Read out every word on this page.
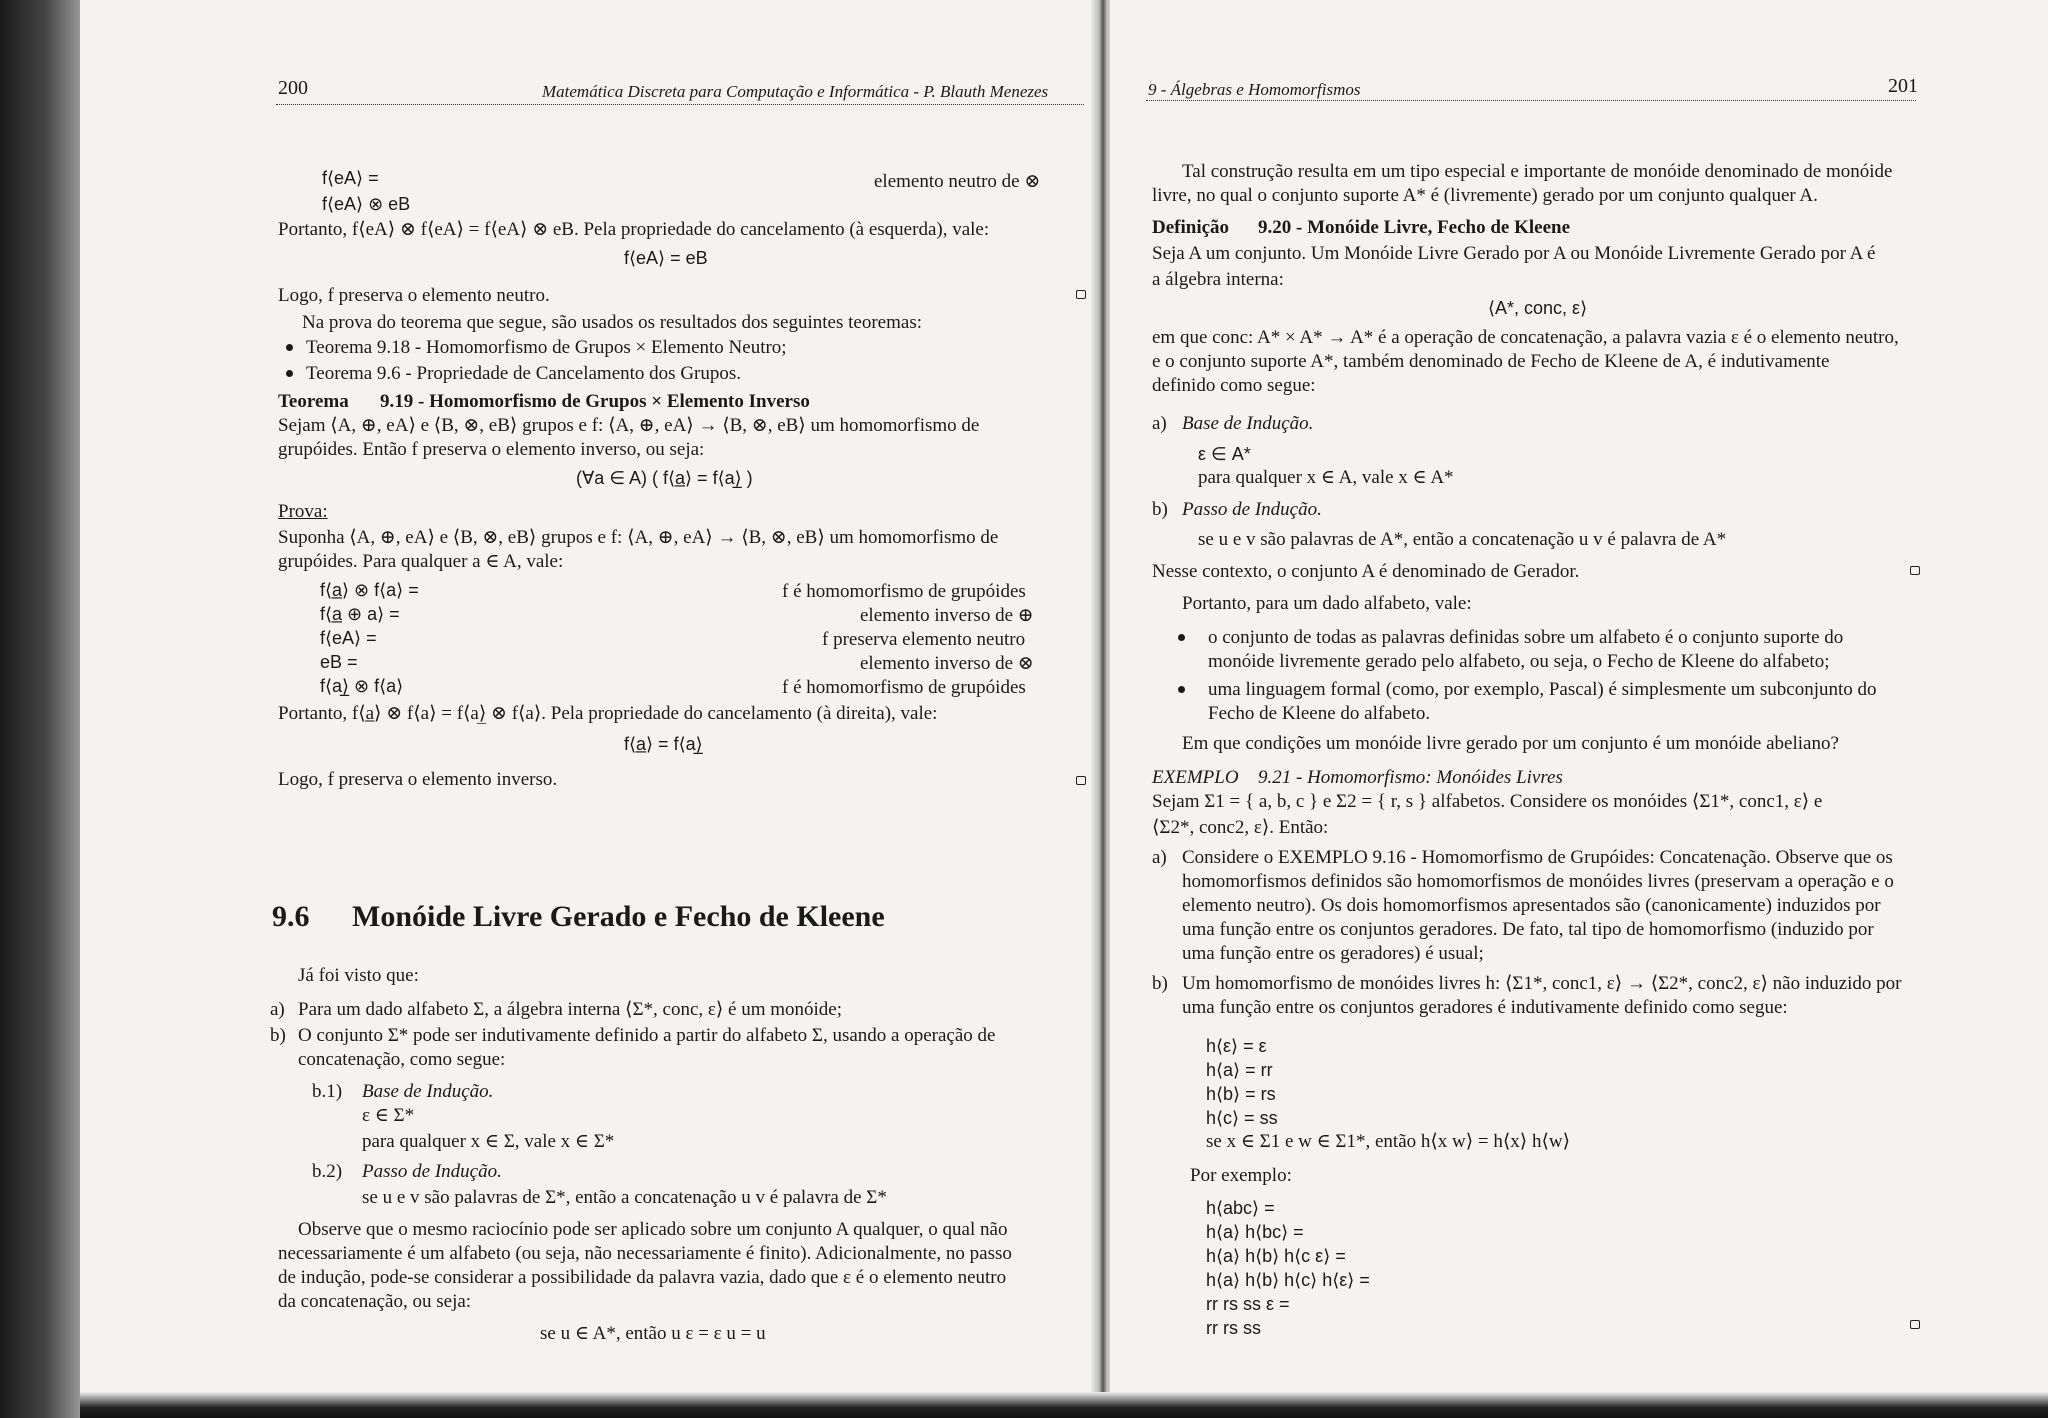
200	Matemática Discreta para Computação e Informática - P. Blauth Menezes
f⟨eA⟩ =	elemento neutro de ⊗
f⟨eA⟩ ⊗ eB
Portanto, f⟨eA⟩ ⊗ f⟨eA⟩ = f⟨eA⟩ ⊗ eB. Pela propriedade do cancelamento (à esquerda), vale:
f⟨eA⟩ = eB
Logo, f preserva o elemento neutro.
Na prova do teorema que segue, são usados os resultados dos seguintes teoremas:
Teorema 9.18 - Homomorfismo de Grupos × Elemento Neutro;
Teorema 9.6 - Propriedade de Cancelamento dos Grupos.
Teorema 9.19 - Homomorfismo de Grupos × Elemento Inverso
Sejam ⟨A, ⊕, eA⟩ e ⟨B, ⊗, eB⟩ grupos e f: ⟨A, ⊕, eA⟩ → ⟨B, ⊗, eB⟩ um homomorfismo de
grupóides. Então f preserva o elemento inverso, ou seja:
(∀a ∈ A) ( f⟨a̲⟩ = f⟨a⟩̲ )
Prova:
Suponha ⟨A, ⊕, eA⟩ e ⟨B, ⊗, eB⟩ grupos e f: ⟨A, ⊕, eA⟩ → ⟨B, ⊗, eB⟩ um homomorfismo de
grupóides. Para qualquer a ∈ A, vale:
f⟨a̲⟩ ⊗ f⟨a⟩ =	f é homomorfismo de grupóides
f⟨a̲ ⊕ a⟩ =	elemento inverso de ⊕
f⟨eA⟩ =	f preserva elemento neutro
eB =	elemento inverso de ⊗
f⟨a⟩̲ ⊗ f⟨a⟩	f é homomorfismo de grupóides
Portanto, f⟨a̲⟩ ⊗ f⟨a⟩ = f⟨a⟩̲ ⊗ f⟨a⟩. Pela propriedade do cancelamento (à direita), vale:
f⟨a̲⟩ = f⟨a⟩̲
Logo, f preserva o elemento inverso.
9.6 Monóide Livre Gerado e Fecho de Kleene
Já foi visto que:
a) Para um dado alfabeto Σ, a álgebra interna ⟨Σ*, conc, ε⟩ é um monóide;
b) O conjunto Σ* pode ser indutivamente definido a partir do alfabeto Σ, usando a operação de
concatenação, como segue:
b.1) Base de Indução.
ε ∈ Σ*
para qualquer x ∈ Σ, vale x ∈ Σ*
b.2) Passo de Indução.
se u e v são palavras de Σ*, então a concatenação u v é palavra de Σ*
Observe que o mesmo raciocínio pode ser aplicado sobre um conjunto A qualquer, o qual não
necessariamente é um alfabeto (ou seja, não necessariamente é finito). Adicionalmente, no passo
de indução, pode-se considerar a possibilidade da palavra vazia, dado que ε é o elemento neutro
da concatenação, ou seja:
se u ∈ A*, então u ε = ε u = u
9 - Álgebras e Homomorfismos	201
Tal construção resulta em um tipo especial e importante de monóide denominado de monóide
livre, no qual o conjunto suporte A* é (livremente) gerado por um conjunto qualquer A.
Definição 9.20 - Monóide Livre, Fecho de Kleene
Seja A um conjunto. Um Monóide Livre Gerado por A ou Monóide Livremente Gerado por A é
a álgebra interna:
⟨A*, conc, ε⟩
em que conc: A* × A* → A* é a operação de concatenação, a palavra vazia ε é o elemento neutro,
e o conjunto suporte A*, também denominado de Fecho de Kleene de A, é indutivamente
definido como segue:
a) Base de Indução.
ε ∈ A*
para qualquer x ∈ A, vale x ∈ A*
b) Passo de Indução.
se u e v são palavras de A*, então a concatenação u v é palavra de A*
Nesse contexto, o conjunto A é denominado de Gerador.
Portanto, para um dado alfabeto, vale:
o conjunto de todas as palavras definidas sobre um alfabeto é o conjunto suporte do
monóide livremente gerado pelo alfabeto, ou seja, o Fecho de Kleene do alfabeto;
uma linguagem formal (como, por exemplo, Pascal) é simplesmente um subconjunto do
Fecho de Kleene do alfabeto.
Em que condições um monóide livre gerado por um conjunto é um monóide abeliano?
EXEMPLO 9.21 - Homomorfismo: Monóides Livres
Sejam Σ1 = { a, b, c } e Σ2 = { r, s } alfabetos. Considere os monóides ⟨Σ1*, conc1, ε⟩ e
⟨Σ2*, conc2, ε⟩. Então:
a) Considere o EXEMPLO 9.16 - Homomorfismo de Grupóides: Concatenação. Observe que os
homomorfismos definidos são homomorfismos de monóides livres (preservam a operação e o
elemento neutro). Os dois homomorfismos apresentados são (canonicamente) induzidos por
uma função entre os conjuntos geradores. De fato, tal tipo de homomorfismo (induzido por
uma função entre os geradores) é usual;
b) Um homomorfismo de monóides livres h: ⟨Σ1*, conc1, ε⟩ → ⟨Σ2*, conc2, ε⟩ não induzido por
uma função entre os conjuntos geradores é indutivamente definido como segue:
h⟨ε⟩ = ε
h⟨a⟩ = rr
h⟨b⟩ = rs
h⟨c⟩ = ss
se x ∈ Σ1 e w ∈ Σ1*, então h⟨x w⟩ = h⟨x⟩ h⟨w⟩
Por exemplo:
h⟨abc⟩ =
h⟨a⟩ h⟨bc⟩ =
h⟨a⟩ h⟨b⟩ h⟨c ε⟩ =
h⟨a⟩ h⟨b⟩ h⟨c⟩ h⟨ε⟩ =
rr rs ss ε =
rr rs ss
